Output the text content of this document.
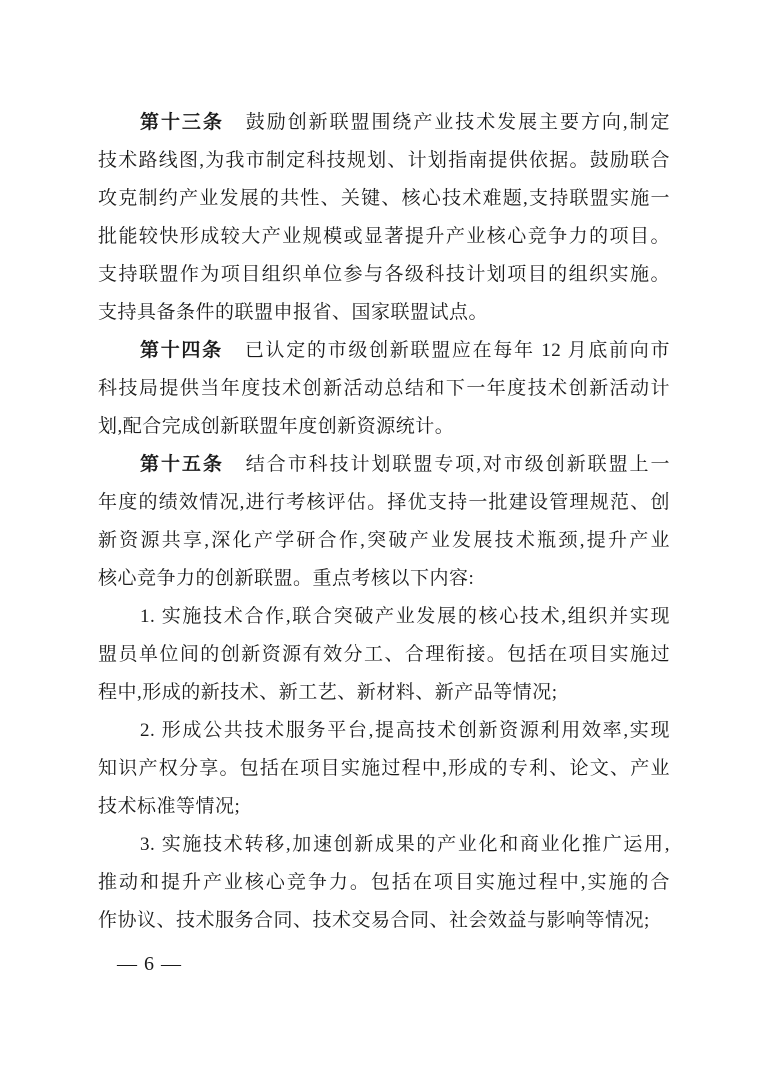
第十三条 鼓励创新联盟围绕产业技术发展主要方向,制定
技术路线图,为我市制定科技规划、计划指南提供依据。鼓励联合
攻克制约产业发展的共性、关键、核心技术难题,支持联盟实施一
批能较快形成较大产业规模或显著提升产业核心竞争力的项目。
支持联盟作为项目组织单位参与各级科技计划项目的组织实施。
支持具备条件的联盟申报省、国家联盟试点。
第十四条 已认定的市级创新联盟应在每年 12 月底前向市
科技局提供当年度技术创新活动总结和下一年度技术创新活动计
划,配合完成创新联盟年度创新资源统计。
第十五条 结合市科技计划联盟专项,对市级创新联盟上一
年度的绩效情况,进行考核评估。择优支持一批建设管理规范、创
新资源共享,深化产学研合作,突破产业发展技术瓶颈,提升产业
核心竞争力的创新联盟。重点考核以下内容:
1. 实施技术合作,联合突破产业发展的核心技术,组织并实现
盟员单位间的创新资源有效分工、合理衔接。包括在项目实施过
程中,形成的新技术、新工艺、新材料、新产品等情况;
2. 形成公共技术服务平台,提高技术创新资源利用效率,实现
知识产权分享。包括在项目实施过程中,形成的专利、论文、产业
技术标准等情况;
3. 实施技术转移,加速创新成果的产业化和商业化推广运用,
推动和提升产业核心竞争力。包括在项目实施过程中,实施的合
作协议、技术服务合同、技术交易合同、社会效益与影响等情况;
— 6 —
